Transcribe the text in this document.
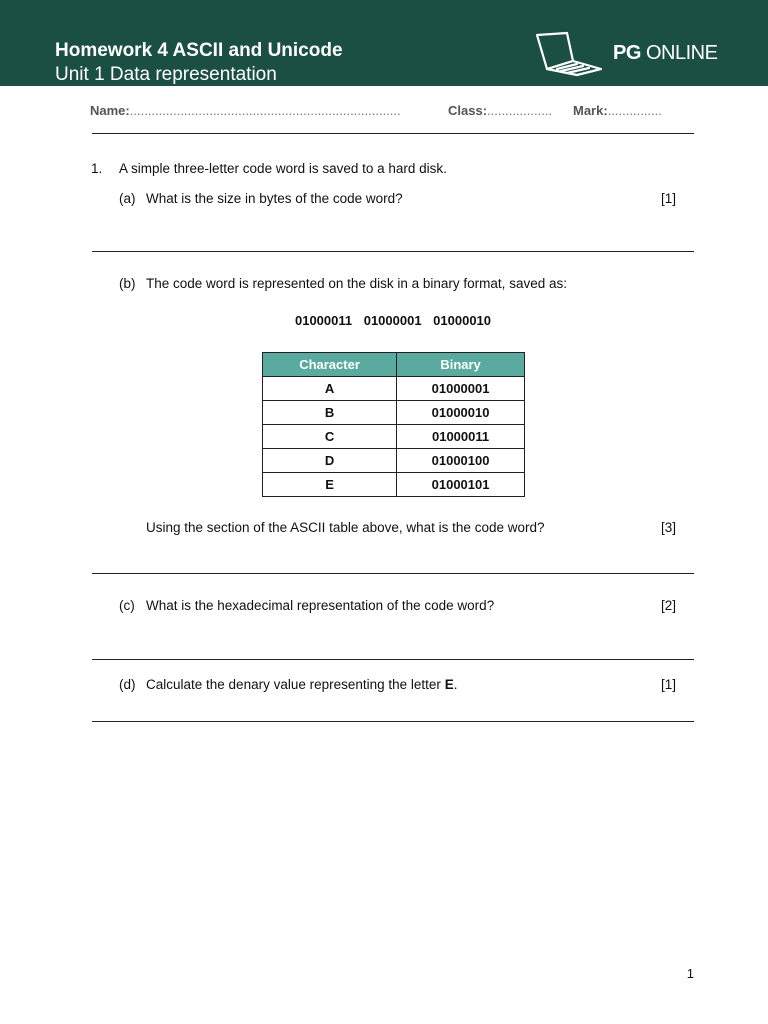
Homework 4 ASCII and Unicode
Unit 1 Data representation
PG ONLINE
Name:...........................................................................	Class:.................. Mark:...............
1. A simple three-letter code word is saved to a hard disk.
(a) What is the size in bytes of the code word?	[1]
(b) The code word is represented on the disk in a binary format, saved as:
01000011 01000001 01000010
Character	Binary
A	01000001
B	01000010
C	01000011
D	01000100
E	01000101
Using the section of the ASCII table above, what is the code word?	[3]
(c) What is the hexadecimal representation of the code word?	[2]
(d) Calculate the denary value representing the letter E.	[1]
1
